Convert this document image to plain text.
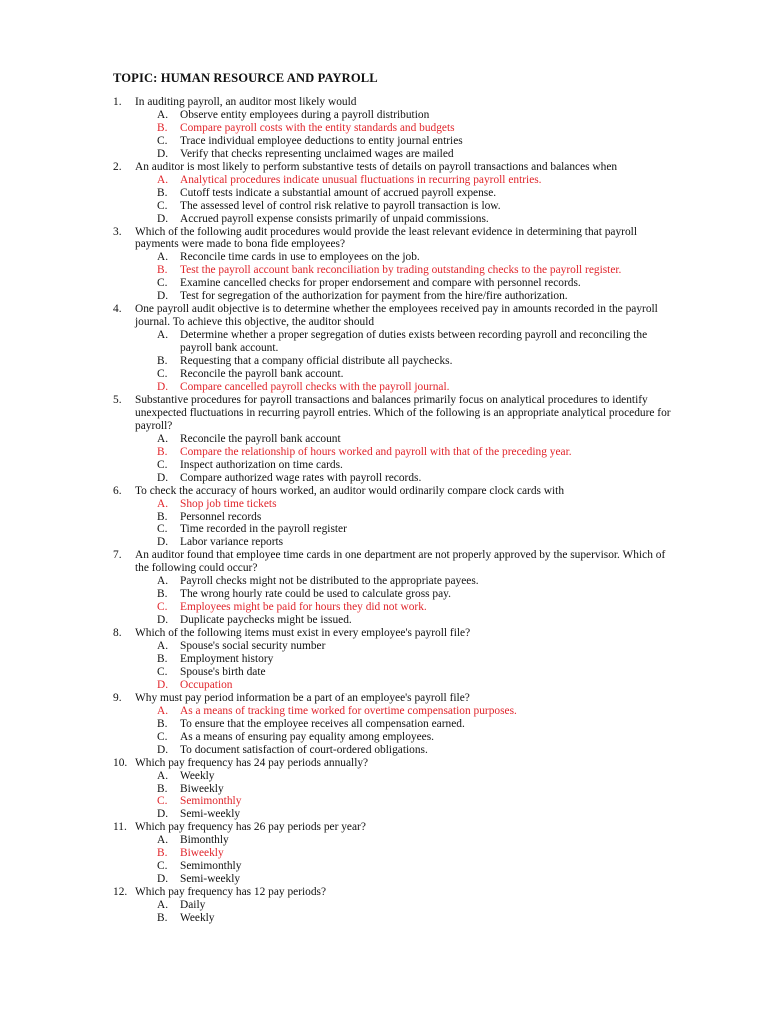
TOPIC: HUMAN RESOURCE AND PAYROLL
1. In auditing payroll, an auditor most likely would
A. Observe entity employees during a payroll distribution
B. Compare payroll costs with the entity standards and budgets
C. Trace individual employee deductions to entity journal entries
D. Verify that checks representing unclaimed wages are mailed
2. An auditor is most likely to perform substantive tests of details on payroll transactions and balances when
A. Analytical procedures indicate unusual fluctuations in recurring payroll entries.
B. Cutoff tests indicate a substantial amount of accrued payroll expense.
C. The assessed level of control risk relative to payroll transaction is low.
D. Accrued payroll expense consists primarily of unpaid commissions.
3. Which of the following audit procedures would provide the least relevant evidence in determining that payroll payments were made to bona fide employees?
A. Reconcile time cards in use to employees on the job.
B. Test the payroll account bank reconciliation by trading outstanding checks to the payroll register.
C. Examine cancelled checks for proper endorsement and compare with personnel records.
D. Test for segregation of the authorization for payment from the hire/fire authorization.
4. One payroll audit objective is to determine whether the employees received pay in amounts recorded in the payroll journal. To achieve this objective, the auditor should
A. Determine whether a proper segregation of duties exists between recording payroll and reconciling the payroll bank account.
B. Requesting that a company official distribute all paychecks.
C. Reconcile the payroll bank account.
D. Compare cancelled payroll checks with the payroll journal.
5. Substantive procedures for payroll transactions and balances primarily focus on analytical procedures to identify unexpected fluctuations in recurring payroll entries. Which of the following is an appropriate analytical procedure for payroll?
A. Reconcile the payroll bank account
B. Compare the relationship of hours worked and payroll with that of the preceding year.
C. Inspect authorization on time cards.
D. Compare authorized wage rates with payroll records.
6. To check the accuracy of hours worked, an auditor would ordinarily compare clock cards with
A. Shop job time tickets
B. Personnel records
C. Time recorded in the payroll register
D. Labor variance reports
7. An auditor found that employee time cards in one department are not properly approved by the supervisor. Which of the following could occur?
A. Payroll checks might not be distributed to the appropriate payees.
B. The wrong hourly rate could be used to calculate gross pay.
C. Employees might be paid for hours they did not work.
D. Duplicate paychecks might be issued.
8. Which of the following items must exist in every employee's payroll file?
A. Spouse's social security number
B. Employment history
C. Spouse's birth date
D. Occupation
9. Why must pay period information be a part of an employee's payroll file?
A. As a means of tracking time worked for overtime compensation purposes.
B. To ensure that the employee receives all compensation earned.
C. As a means of ensuring pay equality among employees.
D. To document satisfaction of court-ordered obligations.
10. Which pay frequency has 24 pay periods annually?
A. Weekly
B. Biweekly
C. Semimonthly
D. Semi-weekly
11. Which pay frequency has 26 pay periods per year?
A. Bimonthly
B. Biweekly
C. Semimonthly
D. Semi-weekly
12. Which pay frequency has 12 pay periods?
A. Daily
B. Weekly
